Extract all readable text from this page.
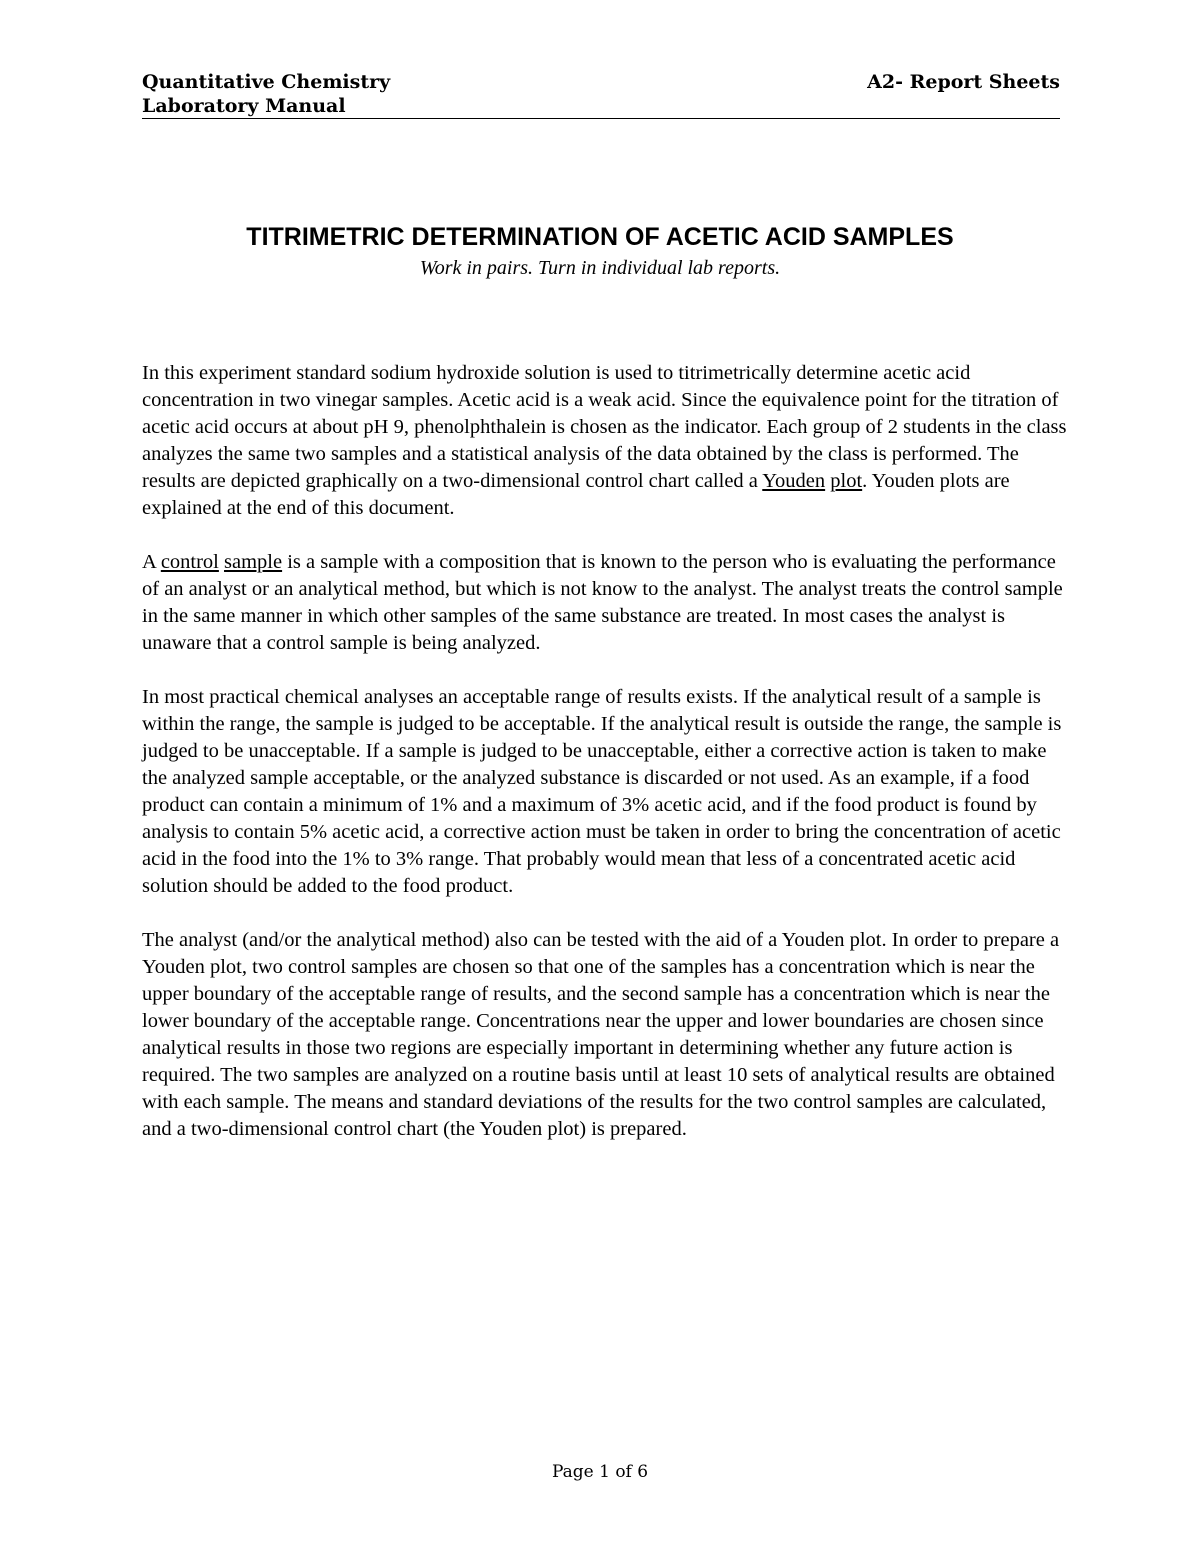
Quantitative Chemistry	A2- Report Sheets
Laboratory Manual
TITRIMETRIC DETERMINATION OF ACETIC ACID SAMPLES
Work in pairs. Turn in individual lab reports.

In this experiment standard sodium hydroxide solution is used to titrimetrically determine acetic acid concentration in two vinegar samples. Acetic acid is a weak acid. Since the equivalence point for the titration of acetic acid occurs at about pH 9, phenolphthalein is chosen as the indicator. Each group of 2 students in the class analyzes the same two samples and a statistical analysis of the data obtained by the class is performed. The results are depicted graphically on a two-dimensional control chart called a Youden plot. Youden plots are explained at the end of this document.

A control sample is a sample with a composition that is known to the person who is evaluating the performance of an analyst or an analytical method, but which is not know to the analyst. The analyst treats the control sample in the same manner in which other samples of the same substance are treated. In most cases the analyst is unaware that a control sample is being analyzed.

In most practical chemical analyses an acceptable range of results exists. If the analytical result of a sample is within the range, the sample is judged to be acceptable. If the analytical result is outside the range, the sample is judged to be unacceptable. If a sample is judged to be unacceptable, either a corrective action is taken to make the analyzed sample acceptable, or the analyzed substance is discarded or not used. As an example, if a food product can contain a minimum of 1% and a maximum of 3% acetic acid, and if the food product is found by analysis to contain 5% acetic acid, a corrective action must be taken in order to bring the concentration of acetic acid in the food into the 1% to 3% range. That probably would mean that less of a concentrated acetic acid solution should be added to the food product.

The analyst (and/or the analytical method) also can be tested with the aid of a Youden plot. In order to prepare a Youden plot, two control samples are chosen so that one of the samples has a concentration which is near the upper boundary of the acceptable range of results, and the second sample has a concentration which is near the lower boundary of the acceptable range. Concentrations near the upper and lower boundaries are chosen since analytical results in those two regions are especially important in determining whether any future action is required. The two samples are analyzed on a routine basis until at least 10 sets of analytical results are obtained with each sample. The means and standard deviations of the results for the two control samples are calculated, and a two-dimensional control chart (the Youden plot) is prepared.

Page 1 of 6
